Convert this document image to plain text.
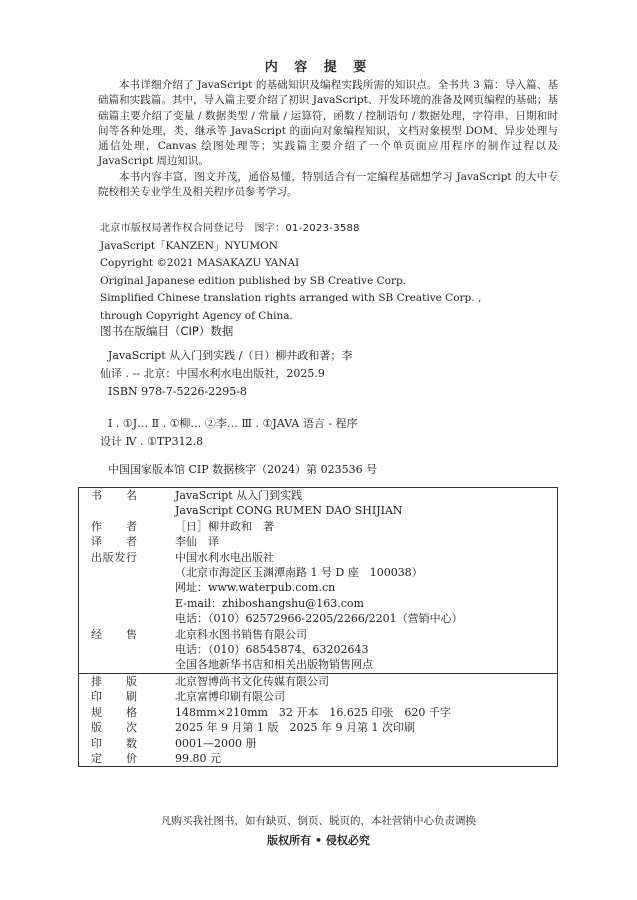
内 容 提 要

本书详细介绍了 JavaScript 的基础知识及编程实践所需的知识点。全书共 3 篇：导入篇、基础篇和实践篇。其中，导入篇主要介绍了初识 JavaScript、开发环境的准备及网页编程的基础；基础篇主要介绍了变量 / 数据类型 / 常量 / 运算符，函数 / 控制语句 / 数据处理，字符串、日期和时间等各种处理，类、继承等 JavaScript 的面向对象编程知识，文档对象模型 DOM、异步处理与通信处理，Canvas 绘图处理等；实践篇主要介绍了一个单页面应用程序的制作过程以及 JavaScript 周边知识。

本书内容丰富，图文并茂，通俗易懂，特别适合有一定编程基础想学习 JavaScript 的大中专院校相关专业学生及相关程序员参考学习。

北京市版权局著作权合同登记号　图字：01-2023-3588
JavaScript「KANZEN」NYUMON
Copyright ©2021 MASAKAZU YANAI
Original Japanese edition published by SB Creative Corp.
Simplified Chinese translation rights arranged with SB Creative Corp. ,
through Copyright Agency of China.
图书在版编目（CIP）数据
JavaScript 从入门到实践 /（日）柳井政和著；李
仙译 . -- 北京：中国水利水电出版社，2025.9
ISBN 978-7-5226-2295-8
Ⅰ . ①J… Ⅱ . ①柳… ②李… Ⅲ . ①JAVA 语言 - 程序
设计 Ⅳ . ①TP312.8
中国国家版本馆 CIP 数据核字（2024）第 023536 号
书　　名	JavaScript 从入门到实践
JavaScript CONG RUMEN DAO SHIJIAN

作　　者	［日］柳井政和　著

译　　者	李仙　译

出版发行	中国水利水电出版社
（北京市海淀区玉渊潭南路 1 号 D 座　100038）
网址：www.waterpub.com.cn
E-mail：zhiboshangshu@163.com
电话：（010）62572966-2205/2266/2201（营销中心）

经　　售	北京科水图书销售有限公司
电话：（010）68545874、63202643
全国各地新华书店和相关出版物销售网点

排　　版	北京智博尚书文化传媒有限公司

印　　刷	北京富博印刷有限公司

规　　格	148mm×210mm　32 开本　16.625 印张　620 千字

版　　次	2025 年 9 月第 1 版　2025 年 9 月第 1 次印刷

印　　数	0001—2000 册

定　　价	99.80 元
凡购买我社图书，如有缺页、倒页、脱页的，本社营销中心负责调换
版权所有 • 侵权必究
